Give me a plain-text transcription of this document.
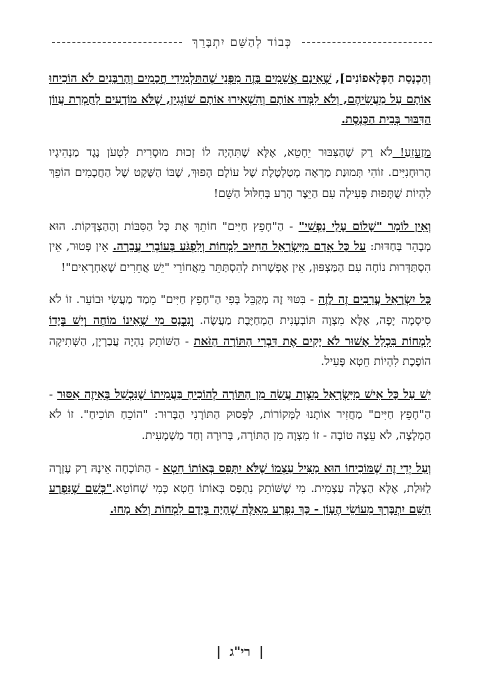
כְּבוֹד לְהַשֵּׁם יִתְבָּרֵךְ

וְהַכְנָסַת הַפְּלָאפוֹנִים], שֶׁאֵינָם אֲשֵׁמִים בָּזֶה מִפְּנֵי שֶׁהַתַּלְמִידֵי חֲכָמִים וְהָרַבָּנִים לֹא הוֹכִיחוּ אוֹתָם עַל מַעֲשֵׂיהֶם, וְלֹא לִמְּדוּ אוֹתָם וְהִשְׁאִירוּ אוֹתָם שׁוֹגְגִין, שֶׁלֹּא מוֹדָעִים לַחֻמְרַת עֲווֹן הַדִּבּוּר בְּבֵית הַכְּנֶסֶת.

מְזַעְזֵעַ! לֹא רַק שֶׁהַצִּבּוּר יֵחָטֵא, אֶלָּא שֶׁתִּהְיֶה לוֹ זְכוּת מוּסָרִית לִטְעֹן נֶגֶד מַנְהִיגָיו הָרוּחָנִיִּים. זוֹהִי תְּמוּנַת מַרְאָה מְטַלְטֶלֶת שֶׁל עוֹלָם הָפוּךְ, שֶׁבּוֹ הַשֶּׁקֶט שֶׁל הַחֲכָמִים הוֹפֵךְ לִהְיוֹת שֻׁתָּפוּת פְּעִילָה עִם הַיֵּצֶר הָרַע בְּחִלּוּל הַשֵּׁם!

וְאֵין לוֹמַר "שָׁלוֹם עָלַי נַפְשִׁי" - הַ"חָפֵץ חַיִּים" חוֹתֵךְ אֶת כָּל הַסִּבּוֹת וְהַהַצְדָּקוֹת. הוּא מְבָהֵר בְּחַדּוּת: עַל כָּל אָדָם מִיִּשְׂרָאֵל הַחִיּוּב לִמְחוֹת וְלִפְגֹּעַ בְּעוֹבְרֵי עֲבֵרָה. אֵין פְּטוּר, אֵין הִסְתַּדְּרוּת נוֹחָה עִם הַמַּצְפּוּן, אֵין אֶפְשָׁרוּת לְהִסְתַּתֵּר מֵאֲחוֹרֵי "יֵשׁ אֲחֵרִים שֶׁאַחְרָאִים"!

כָּל יִשְׂרָאֵל עֲרֵבִים זֶה לָזֶה - בִּטּוּי זֶה מְקַבֵּל בְּפִי הַ"חָפֵץ חַיִּים" מֵמַד מַעֲשִׂי וּבוֹעֵר. זוֹ לֹא סִיסְמָה יָפָה, אֶלָּא מִצְוָה תּוֹבְעָנִית הַמְחַיֶּבֶת מַעֲשֶׂה. וְנִכְנַס מִי שֶׁאֵינוֹ מוֹחֶה וְיֵשׁ בְּיָדוֹ לִמְחוֹת בִּכְלַל אָשׁוּר לֹא יָקִים אֶת דִּבְרֵי הַתּוֹרָה הַזֹּאת - הַשּׁוֹתֵק נִהְיֶה עֲבַרְיָן, הַשְּׁתִיקָה הוֹפֶכֶת לִהְיוֹת חֵטְא פָּעִיל.

יֵשׁ עַל כָּל אִישׁ מִיִּשְׂרָאֵל מִצְוַת עֲשֵׂה מִן הַתּוֹרָה לְהוֹכִיחַ בַּעֲמִיתוֹ שֶׁנִּכְשַׁל בְּאֵיזֶה אִסּוּר - הַ"חָפֵץ חַיִּים" מַחֲזִיר אוֹתָנוּ לַמְּקוֹרוֹת, לַפָּסוּק הַתּוֹרָנִי הַבָּרוּר: "הוֹכֵחַ תּוֹכִיחַ". זוֹ לֹא הַמְלָצָה, לֹא עֵצָה טוֹבָה - זוֹ מִצְוָה מִן הַתּוֹרָה, בְּרוּרָה וְחַד מַשְׁמָעִית.

וְעַל יְדֵי זֶה שֶׁמּוֹכִיחוֹ הוּא מַצִּיל עַצְמוֹ שֶׁלֹּא יִתָּפֵס בְּאוֹתוֹ חֵטְא - הַתּוֹכָחָה אֵינָהּ רַק עֶזְרָה לַזּוּלַת, אֶלָּא הַצָּלָה עַצְמִית. מִי שֶׁשּׁוֹתֵק נִתְפַּס בְּאוֹתוֹ חֵטְא כְּמִי שֶׁחוֹטֵא."כְּשֵׁם שֶׁנִּפְרָע הַשֵּׁם יִתְבָּרַךְ מֵעוֹשֵׂי הֶעָוֹן - כָּךְ נִפְרָע מֵאֵלֶּה שֶׁהָיָה בְּיָדָם לִמְחוֹת וְלֹא מָחוּ.

| רי"ג |
